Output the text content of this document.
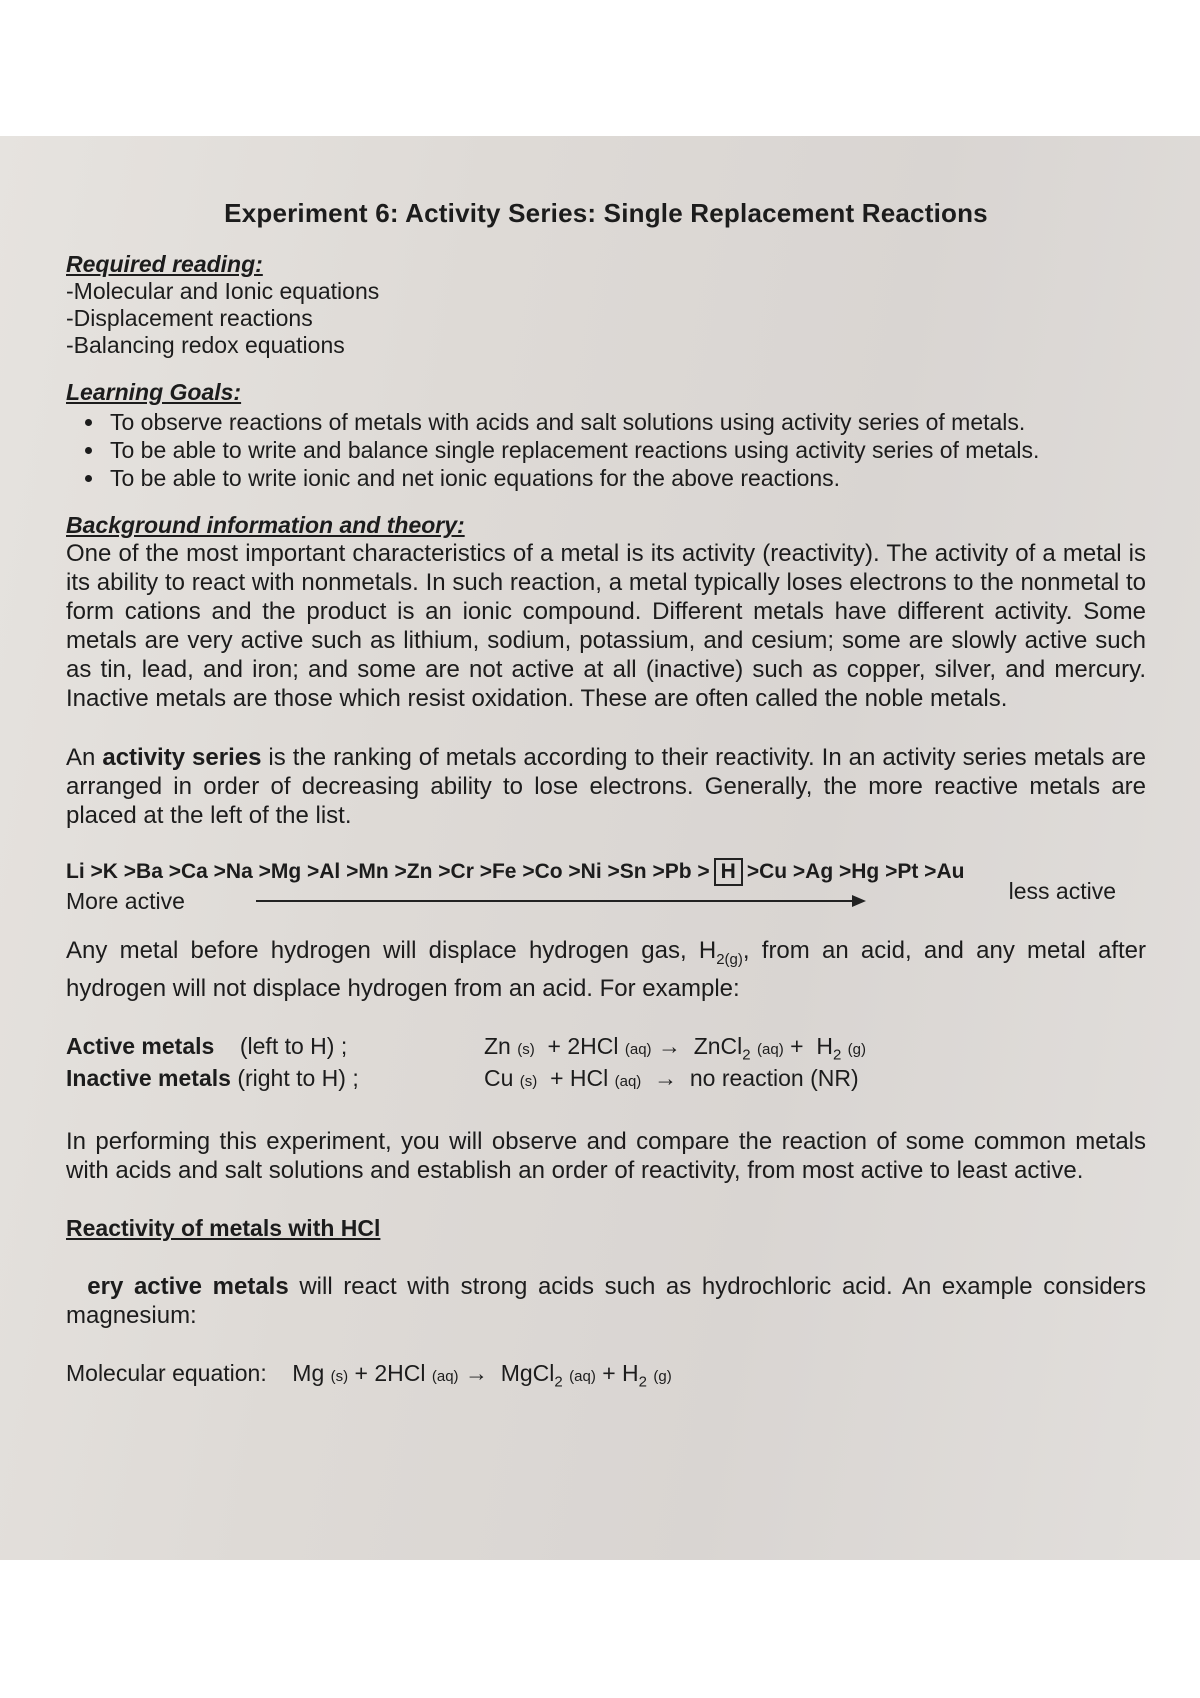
Experiment 6: Activity Series: Single Replacement Reactions
Required reading:
-Molecular and Ionic equations
-Displacement reactions
-Balancing redox equations
Learning Goals:
• To observe reactions of metals with acids and salt solutions using activity series of metals.
• To be able to write and balance single replacement reactions using activity series of metals.
• To be able to write ionic and net ionic equations for the above reactions.
Background information and theory:

One of the most important characteristics of a metal is its activity (reactivity). The activity of a metal is its ability to react with nonmetals. In such reaction, a metal typically loses electrons to the nonmetal to form cations and the product is an ionic compound. Different metals have different activity. Some metals are very active such as lithium, sodium, potassium, and cesium; some are slowly active such as tin, lead, and iron; and some are not active at all (inactive) such as copper, silver, and mercury. Inactive metals are those which resist oxidation. These are often called the noble metals.

An activity series is the ranking of metals according to their reactivity. In an activity series metals are arranged in order of decreasing ability to lose electrons. Generally, the more reactive metals are placed at the left of the list.

Li >K >Ba >Ca >Na >Mg >Al >Mn >Zn >Cr >Fe >Co >Ni >Sn >Pb > H >Cu >Ag >Hg >Pt >Au
More active	less active

Any metal before hydrogen will displace hydrogen gas, $H_{2(g)}$, from an acid, and any metal after hydrogen will not displace hydrogen from an acid. For example:

Active metals (left to H) ;	Zn (s) + 2HCl (aq) → ZnCl$_2$ $(aq) + H_2$ (g)
Inactive metals (right to H) ;	Cu (s) + HCl (aq) → no reaction (NR)

In performing this experiment, you will observe and compare the reaction of some common metals with acids and salt solutions and establish an order of reactivity, from most active to least active.

Reactivity of metals with HCl

ery active metals will react with strong acids such as hydrochloric acid. An example considers magnesium:

Molecular equation: Mg (s) + 2HCl (aq) → MgCl$_2$ $(aq) + H_2$ (g)
